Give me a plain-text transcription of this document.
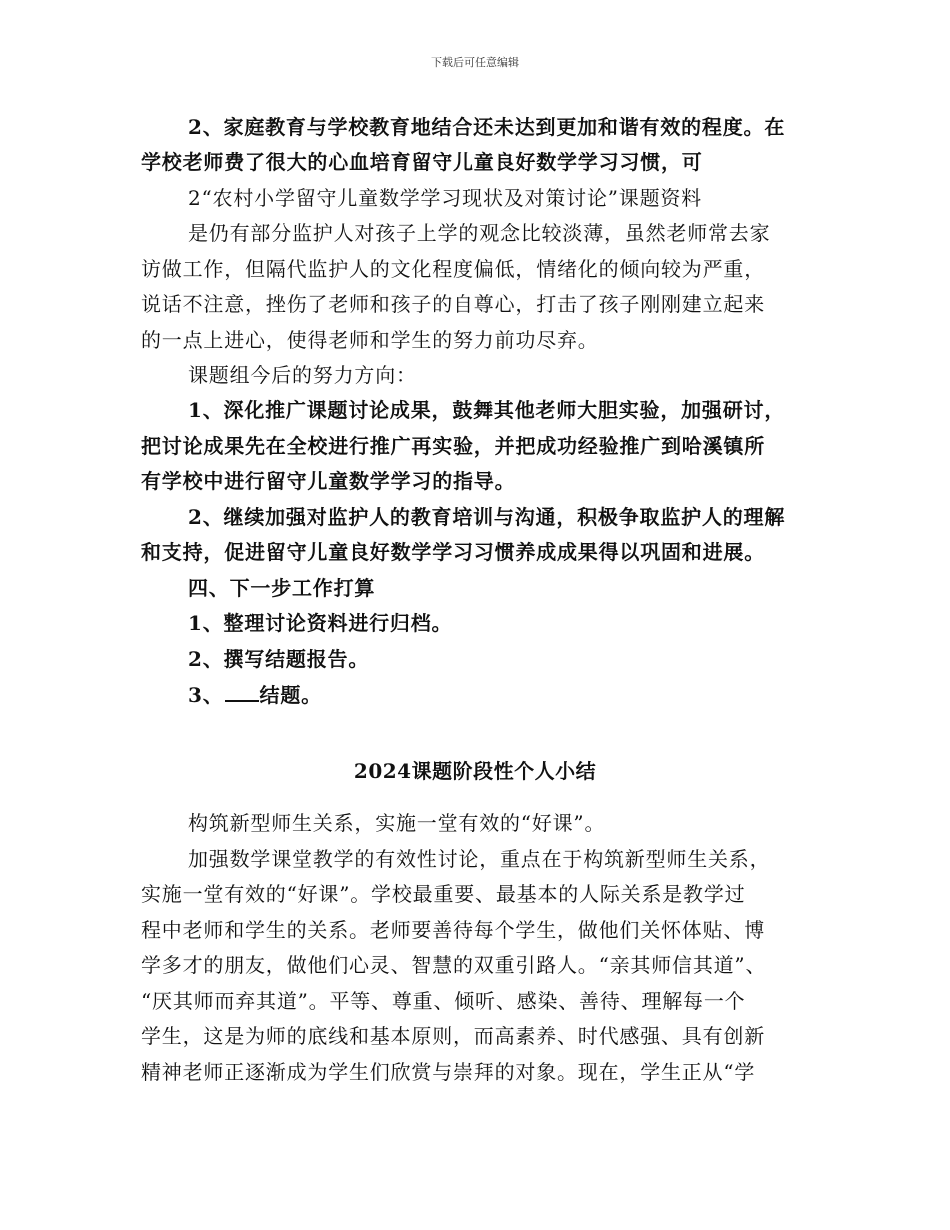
下载后可任意编辑
2、家庭教育与学校教育地结合还未达到更加和谐有效的程度。在
学校老师费了很大的心血培育留守儿童良好数学学习习惯，可
2“农村小学留守儿童数学学习现状及对策讨论”课题资料
是仍有部分监护人对孩子上学的观念比较淡薄，虽然老师常去家
访做工作，但隔代监护人的文化程度偏低，情绪化的倾向较为严重，
说话不注意，挫伤了老师和孩子的自尊心，打击了孩子刚刚建立起来
的一点上进心，使得老师和学生的努力前功尽弃。
课题组今后的努力方向：
1、深化推广课题讨论成果，鼓舞其他老师大胆实验，加强研讨，
把讨论成果先在全校进行推广再实验，并把成功经验推广到哈溪镇所
有学校中进行留守儿童数学学习的指导。
2、继续加强对监护人的教育培训与沟通，积极争取监护人的理解
和支持，促进留守儿童良好数学学习习惯养成成果得以巩固和进展。
四、下一步工作打算
1、整理讨论资料进行归档。
2、撰写结题报告。
3、 结题。
2024课题阶段性个人小结
构筑新型师生关系，实施一堂有效的“好课”。
加强数学课堂教学的有效性讨论，重点在于构筑新型师生关系，
实施一堂有效的“好课”。学校最重要、最基本的人际关系是教学过
程中老师和学生的关系。老师要善待每个学生，做他们关怀体贴、博
学多才的朋友，做他们心灵、智慧的双重引路人。“亲其师信其道”、
“厌其师而弃其道”。平等、尊重、倾听、感染、善待、理解每一个
学生，这是为师的底线和基本原则，而高素养、时代感强、具有创新
精神老师正逐渐成为学生们欣赏与崇拜的对象。现在，学生正从“学
